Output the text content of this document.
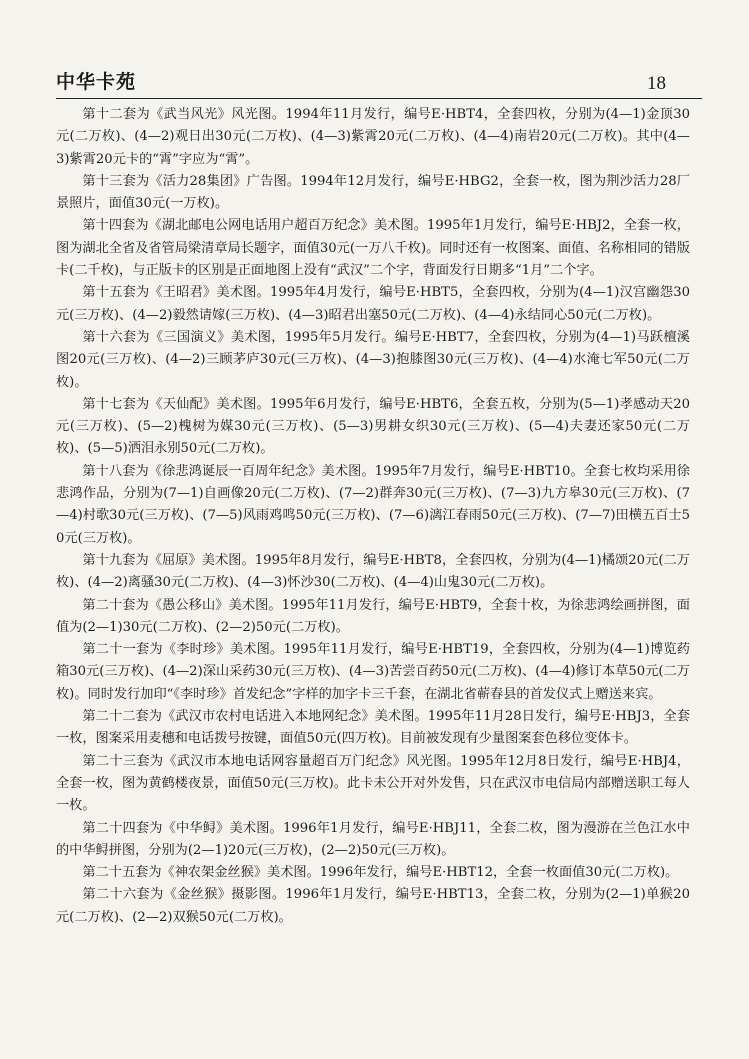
中华卡苑	18

第十二套为《武当风光》风光图。1994年11月发行，编号E·HBT4，全套四枚，分别为(4—1)金顶30元(二万枚)、(4—2)观日出30元(二万枚)、(4—3)紫霄20元(二万枚)、(4—4)南岩20元(二万枚)。其中(4—3)紫霄20元卡的“霄”字应为“霄”。

第十三套为《活力28集团》广告图。1994年12月发行，编号E·HBG2，全套一枚，图为荆沙活力28厂景照片，面值30元(一万枚)。

第十四套为《湖北邮电公网电话用户超百万纪念》美术图。1995年1月发行，编号E·HBJ2，全套一枚，图为湖北全省及省管局梁清章局长题字，面值30元(一万八千枚)。同时还有一枚图案、面值、名称相同的错版卡(二千枚)，与正版卡的区别是正面地图上没有“武汉”二个字，背面发行日期多“1月”二个字。

第十五套为《王昭君》美术图。1995年4月发行，编号E·HBT5，全套四枚，分别为(4—1)汉宫幽怨30元(三万枚)、(4—2)毅然请嫁(三万枚)、(4—3)昭君出塞50元(二万枚)、(4—4)永结同心50元(二万枚)。

第十六套为《三国演义》美术图，1995年5月发行。编号E·HBT7，全套四枚，分别为(4—1)马跃檀溪图20元(三万枚)、(4—2)三顾茅庐30元(三万枚)、(4—3)抱膝图30元(三万枚)、(4—4)水淹七军50元(二万枚)。

第十七套为《天仙配》美术图。1995年6月发行，编号E·HBT6，全套五枚，分别为(5—1)孝感动天20元(三万枚)、(5—2)槐树为媒30元(三万枚)、(5—3)男耕女织30元(三万枚)、(5—4)夫妻还家50元(二万枚)、(5—5)洒泪永别50元(二万枚)。

第十八套为《徐悲鸿诞辰一百周年纪念》美术图。1995年7月发行，编号E·HBT10。全套七枚均采用徐悲鸿作品，分别为(7—1)自画像20元(二万枚)、(7—2)群奔30元(三万枚)、(7—3)九方皋30元(三万枚)、(7—4)村歌30元(三万枚)、(7—5)风雨鸡鸣50元(三万枚)、(7—6)漓江春雨50元(三万枚)、(7—7)田横五百士50元(三万枚)。

第十九套为《屈原》美术图。1995年8月发行，编号E·HBT8，全套四枚，分别为(4—1)橘颂20元(二万枚)、(4—2)离骚30元(二万枚)、(4—3)怀沙30(二万枚)、(4—4)山鬼30元(二万枚)。

第二十套为《愚公移山》美术图。1995年11月发行，编号E·HBT9，全套十枚，为徐悲鸿绘画拼图，面值为(2—1)30元(二万枚)、(2—2)50元(二万枚)。

第二十一套为《李时珍》美术图。1995年11月发行，编号E·HBT19，全套四枚，分别为(4—1)博览药箱30元(三万枚)、(4—2)深山采药30元(三万枚)、(4—3)苦尝百药50元(二万枚)、(4—4)修订本草50元(二万枚)。同时发行加印“《李时珍》首发纪念”字样的加字卡三千套，在湖北省蕲春县的首发仪式上赠送来宾。

第二十二套为《武汉市农村电话进入本地网纪念》美术图。1995年11月28日发行，编号E·HBJ3，全套一枚，图案采用麦穗和电话拨号按键，面值50元(四万枚)。目前被发现有少量图案套色移位变体卡。

第二十三套为《武汉市本地电话网容量超百万门纪念》风光图。1995年12月8日发行，编号E·HBJ4，全套一枚，图为黄鹤楼夜景，面值50元(三万枚)。此卡未公开对外发售，只在武汉市电信局内部赠送职工每人一枚。

第二十四套为《中华鲟》美术图。1996年1月发行，编号E·HBJ11，全套二枚，图为漫游在兰色江水中的中华鲟拼图，分别为(2—1)20元(三万枚)，(2—2)50元(三万枚)。

第二十五套为《神农架金丝猴》美术图。1996年发行，编号E·HBT12，全套一枚面值30元(二万枚)。

第二十六套为《金丝猴》摄影图。1996年1月发行，编号E·HBT13，全套二枚，分别为(2—1)单猴20元(二万枚)、(2—2)双猴50元(二万枚)。
